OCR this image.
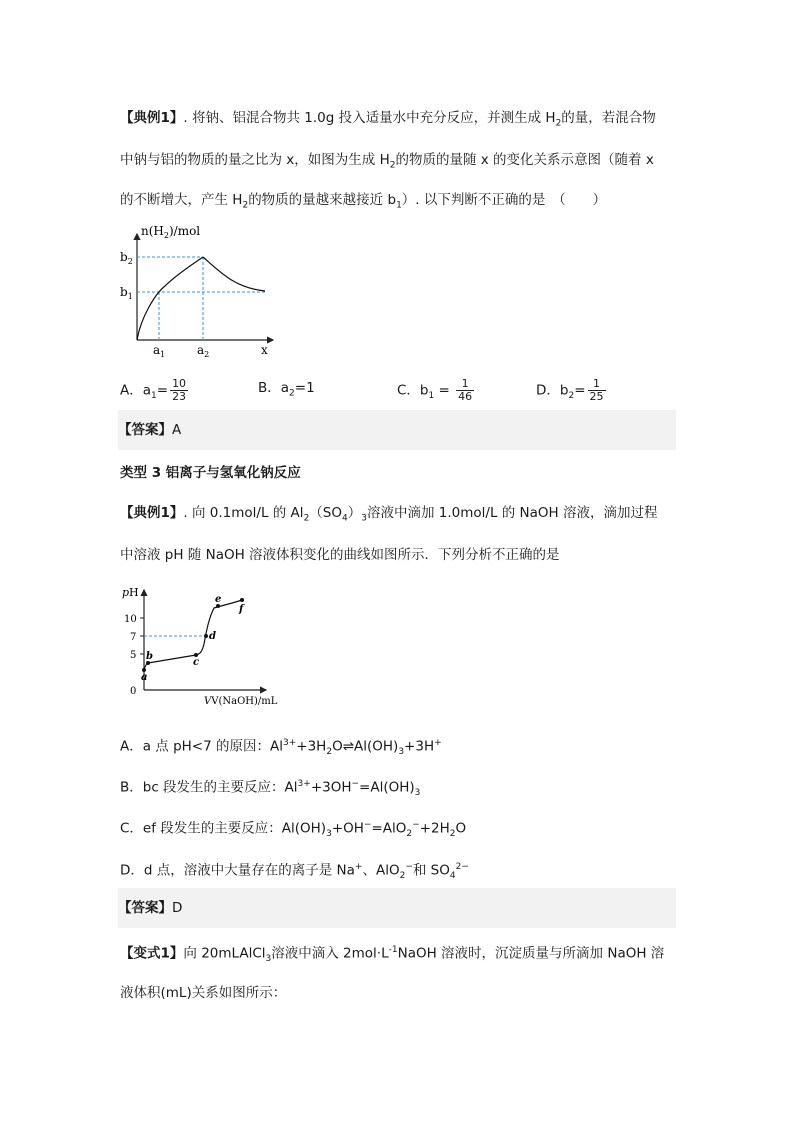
【典例1】. 将钠、铝混合物共 1.0g 投入适量水中充分反应，并测生成 $H_2$的量，若混合物
中钠与铝的物质的量之比为 x，如图为生成 $H_2$的物质的量随 x 的变化关系示意图（随着 x
的不断增大，产生 $H_2$的物质的量越来越接近 $b_1$）. 以下判断不正确的是　（　　）
$n(H_2)$/mol
$b_2$
$b_1$
$a_1$	$a_2$	x
A．$a_1= \frac{10}{23}$	B．$a_2=1$	C．$b_1 = \frac{1}{46}$	D．$b_2= \frac{1}{25}$
【答案】A
类型 3 铝离子与氢氧化钠反应
【典例1】. 向 0.1mol/L 的 $Al_2(SO_4)_3$溶液中滴加 1.0mol/L 的 NaOH 溶液，滴加过程
中溶液 pH 随 NaOH 溶液体积变化的曲线如图所示．下列分析不正确的是
pH
10
7
5
0
a
b
c
d
e
f
VV(NaOH)/mL
A．a 点 pH<7 的原因：$Al^{3+}+3H_2O\rightleftharpoons Al(OH)_3+3H^+$
B．bc 段发生的主要反应：$Al^{3+}+3OH^-=Al(OH)_3$
C．ef 段发生的主要反应：$Al(OH)_3+OH^-=AlO_2^-+2H_2O$
D．d 点，溶液中大量存在的离子是 Na+、AlO$_2$−和 $SO_4^{2-}$
【答案】D
【变式1】向 20mLAlCl$_3$溶液中滴入 $2mol\cdot L^{-1}NaOH$ 溶液时，沉淀质量与所滴加 NaOH 溶
液体积(mL)关系如图所示：
